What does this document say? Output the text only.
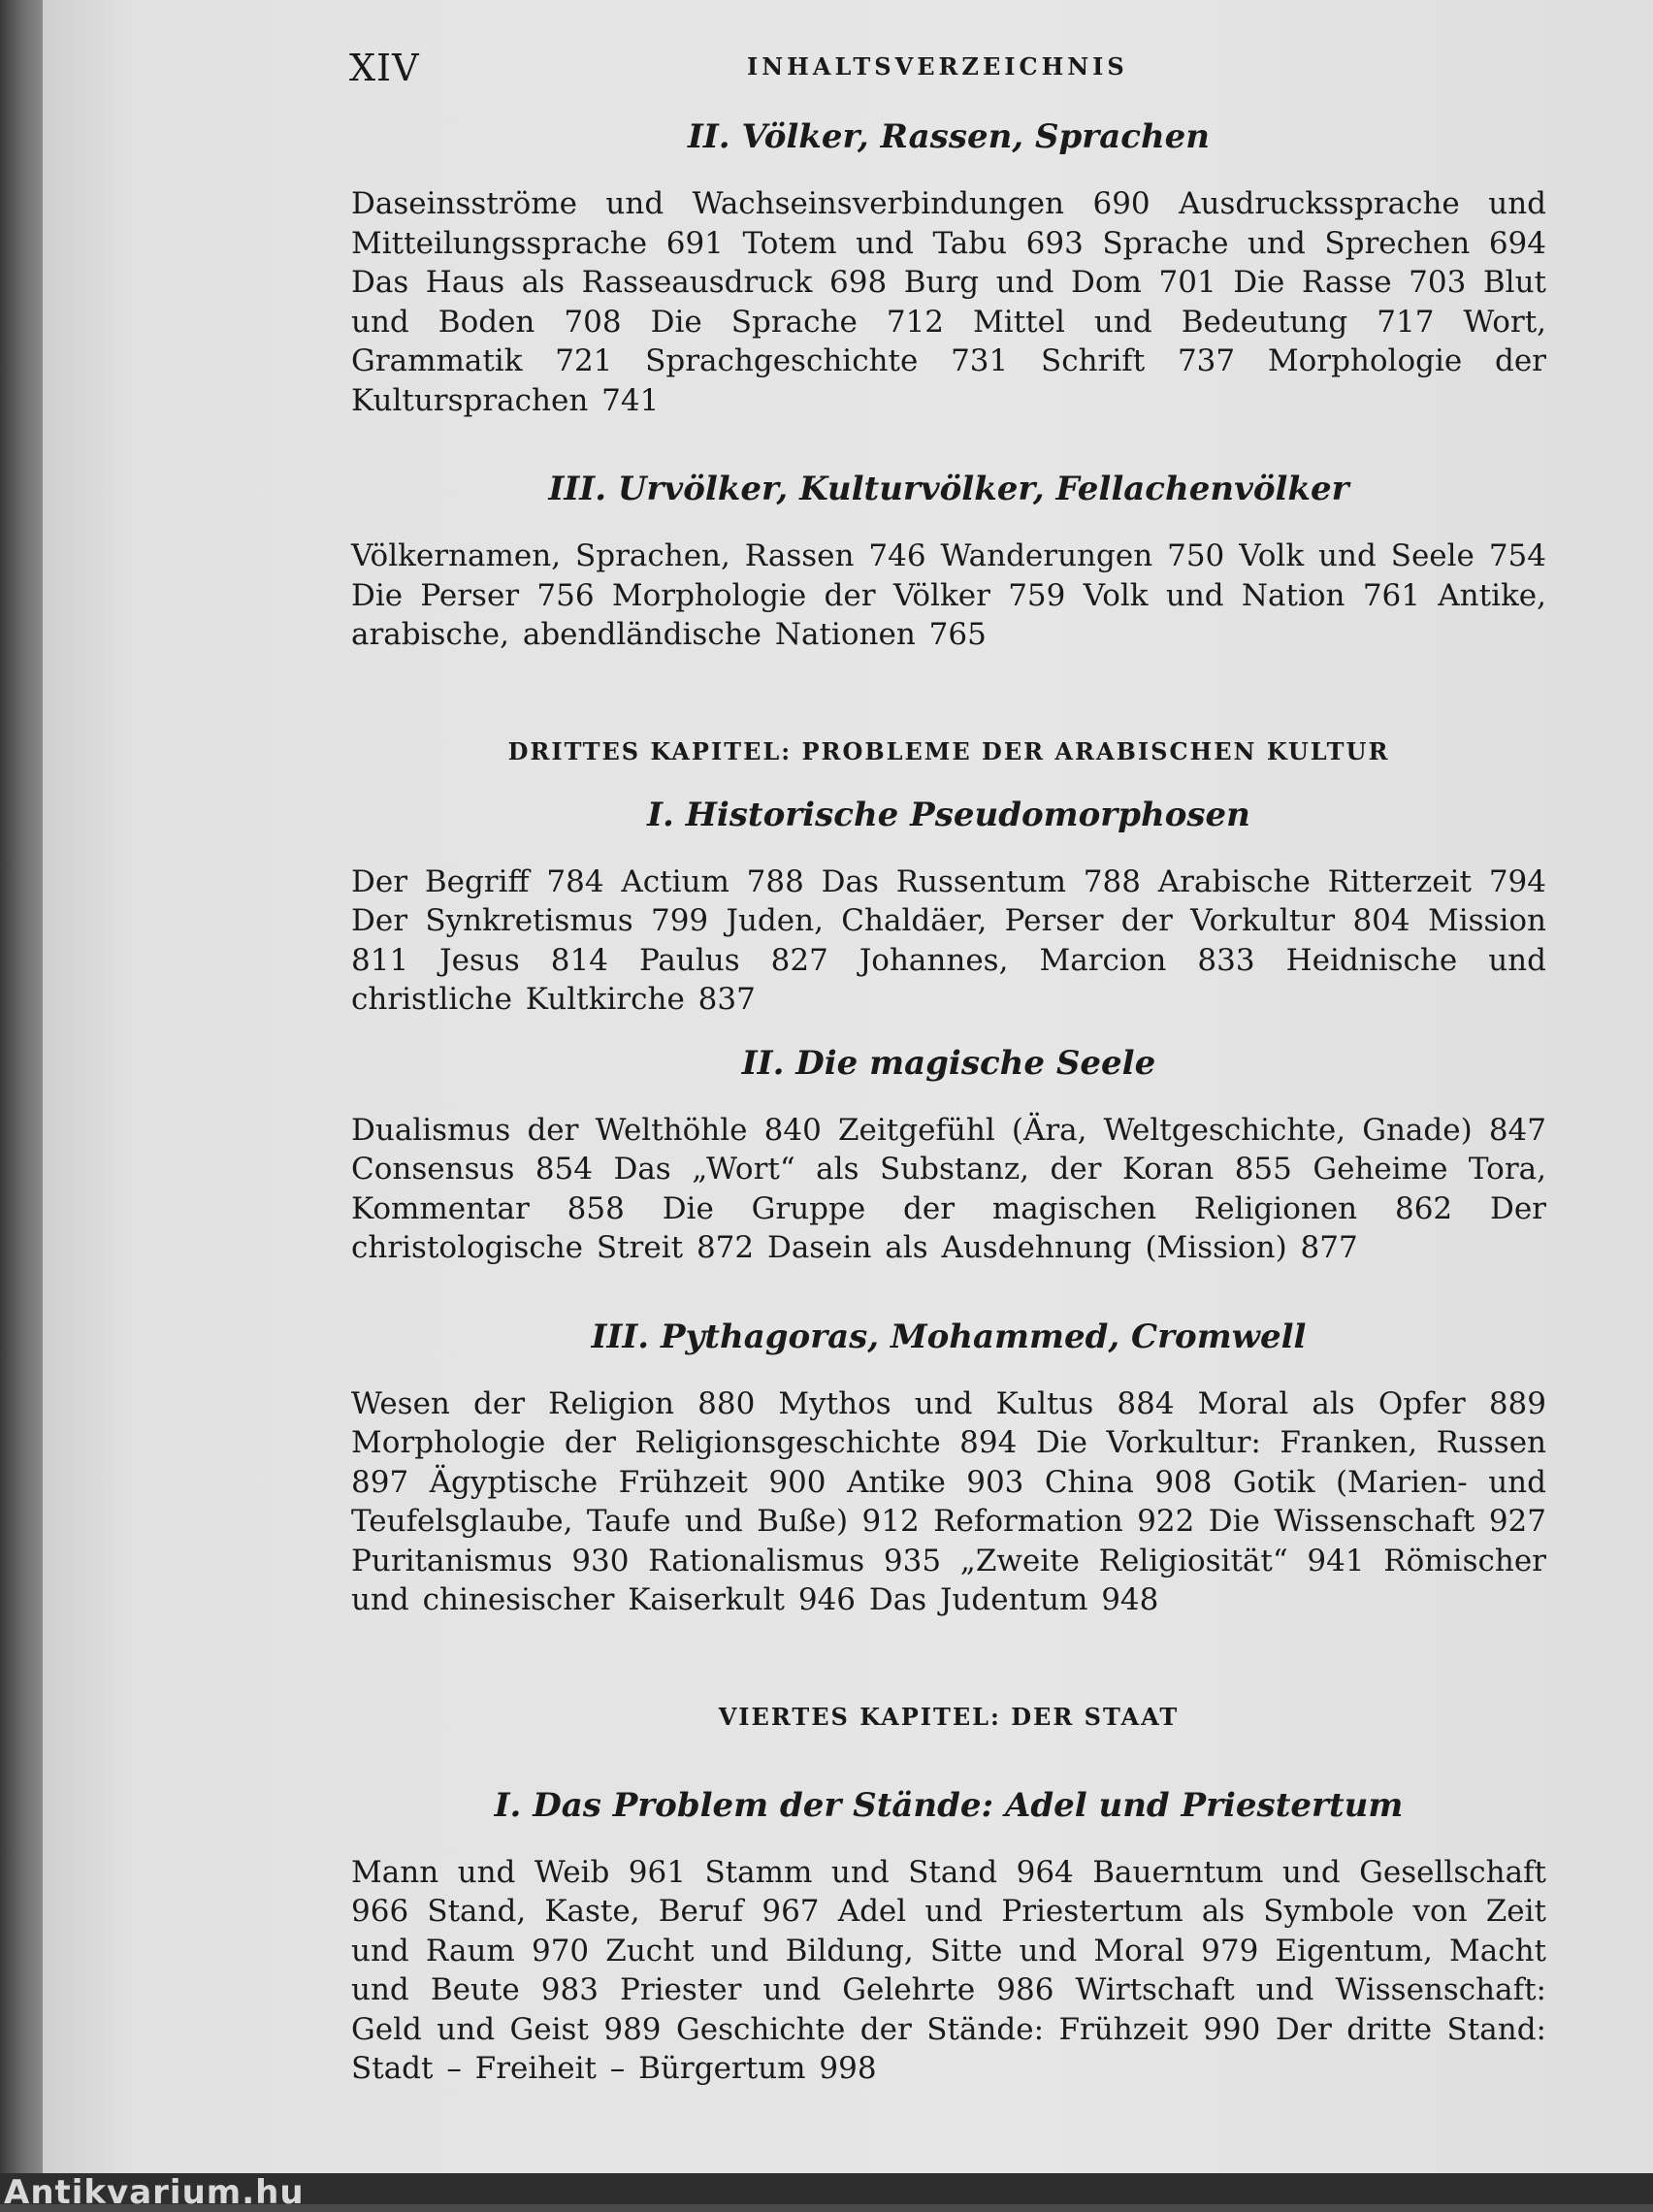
Antikvarium.hu
XIV	INHALTSVERZEICHNIS
II. Völker, Rassen, Sprachen

Daseinsströme und Wachseinsverbindungen 690 Ausdruckssprache und Mitteilungssprache 691 Totem und Tabu 693 Sprache und Sprechen 694 Das Haus als Rasseausdruck 698 Burg und Dom 701 Die Rasse 703 Blut und Boden 708 Die Sprache 712 Mittel und Bedeutung 717 Wort, Grammatik 721 Sprachgeschichte 731 Schrift 737 Morphologie der Kultursprachen 741

III. Urvölker, Kulturvölker, Fellachenvölker

Völkernamen, Sprachen, Rassen 746 Wanderungen 750 Volk und Seele 754 Die Perser 756 Morphologie der Völker 759 Volk und Nation 761 Antike, arabische, abendländische Nationen 765

DRITTES KAPITEL: PROBLEME DER ARABISCHEN KULTUR
I. Historische Pseudomorphosen

Der Begriff 784 Actium 788 Das Russentum 788 Arabische Ritterzeit 794 Der Synkretismus 799 Juden, Chaldäer, Perser der Vorkultur 804 Mission 811 Jesus 814 Paulus 827 Johannes, Marcion 833 Heidnische und christliche Kultkirche 837

II. Die magische Seele

Dualismus der Welthöhle 840 Zeitgefühl (Ära, Weltgeschichte, Gnade) 847 Consensus 854 Das „Wort“ als Substanz, der Koran 855 Geheime Tora, Kommentar 858 Die Gruppe der magischen Religionen 862 Der christologische Streit 872 Dasein als Ausdehnung (Mission) 877

III. Pythagoras, Mohammed, Cromwell

Wesen der Religion 880 Mythos und Kultus 884 Moral als Opfer 889 Morphologie der Religionsgeschichte 894 Die Vorkultur: Franken, Russen 897 Ägyptische Frühzeit 900 Antike 903 China 908 Gotik (Marien- und Teufelsglaube, Taufe und Buße) 912 Reformation 922 Die Wissenschaft 927 Puritanismus 930 Rationalismus 935 „Zweite Religiosität“ 941 Römischer und chinesischer Kaiserkult 946 Das Judentum 948

VIERTES KAPITEL: DER STAAT
I. Das Problem der Stände: Adel und Priestertum

Mann und Weib 961 Stamm und Stand 964 Bauerntum und Gesellschaft 966 Stand, Kaste, Beruf 967 Adel und Priestertum als Symbole von Zeit und Raum 970 Zucht und Bildung, Sitte und Moral 979 Eigentum, Macht und Beute 983 Priester und Gelehrte 986 Wirtschaft und Wissenschaft: Geld und Geist 989 Geschichte der Stände: Frühzeit 990 Der dritte Stand: Stadt – Freiheit – Bürgertum 998
